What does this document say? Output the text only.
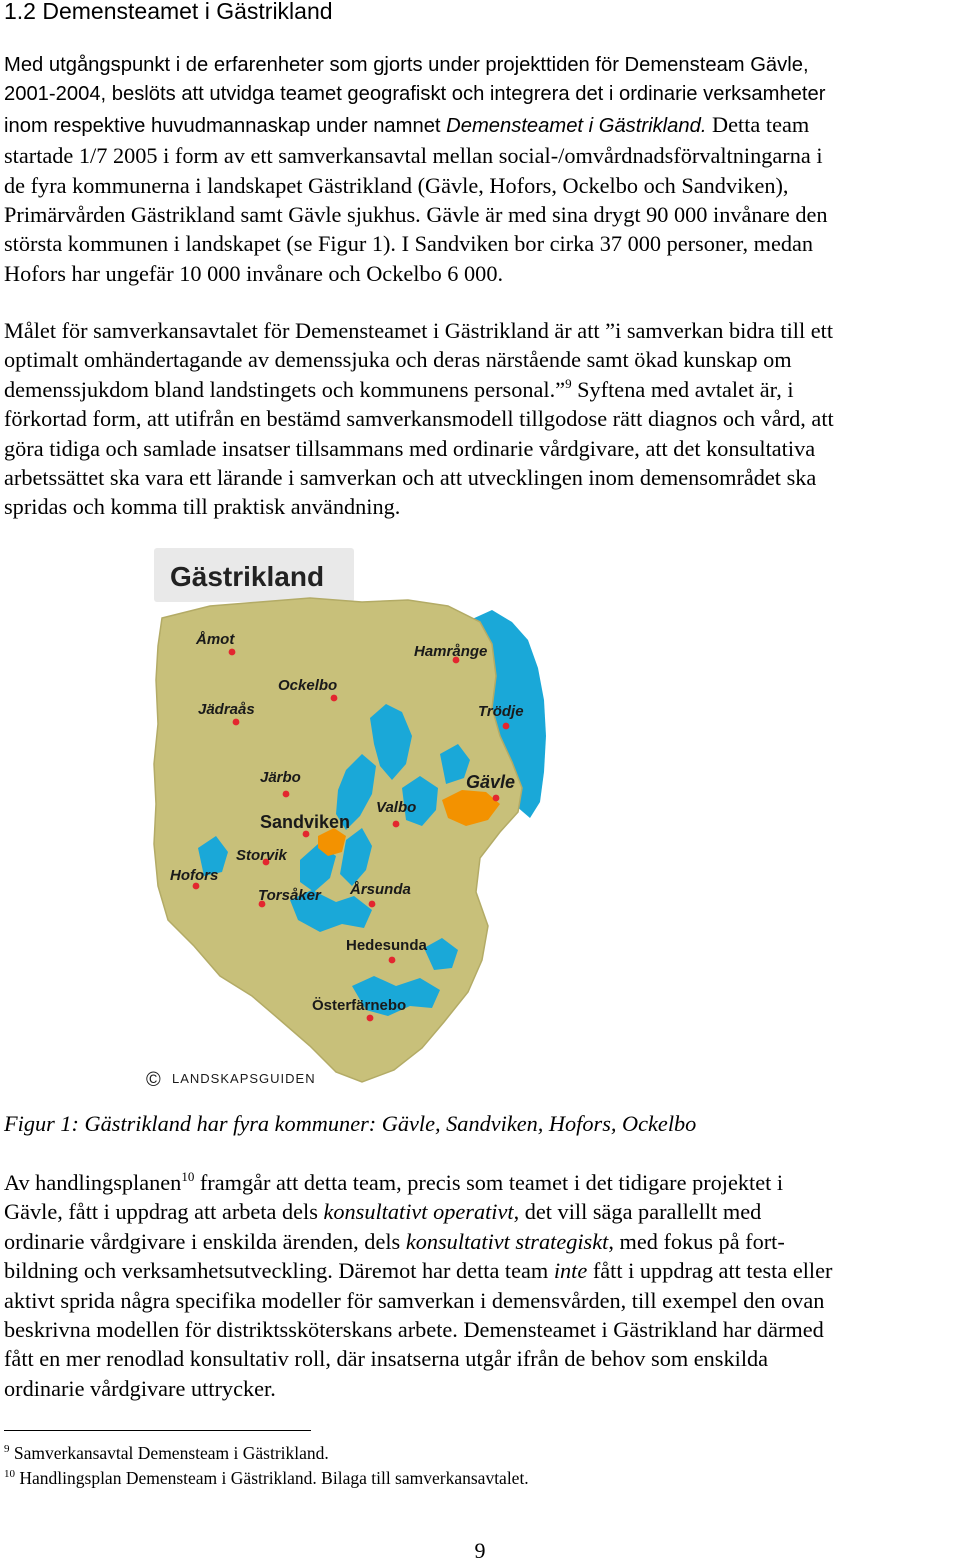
1.2 Demensteamet i Gästrikland

Med utgångspunkt i de erfarenheter som gjorts under projekttiden för Demensteam Gävle,
2001-2004, beslöts att utvidga teamet geografiskt och integrera det i ordinarie verksamheter
inom respektive huvudmannaskap under namnet Demensteamet i Gästrikland. Detta team
startade 1/7 2005 i form av ett samverkansavtal mellan social-/omvårdnadsförvaltningarna i
de fyra kommunerna i landskapet Gästrikland (Gävle, Hofors, Ockelbo och Sandviken),
Primärvården Gästrikland samt Gävle sjukhus. Gävle är med sina drygt 90 000 invånare den
största kommunen i landskapet (se Figur 1). I Sandviken bor cirka 37 000 personer, medan
Hofors har ungefär 10 000 invånare och Ockelbo 6 000.

Målet för samverkansavtalet för Demensteamet i Gästrikland är att ”i samverkan bidra till ett
optimalt omhändertagande av demenssjuka och deras närstående samt ökad kunskap om
demenssjukdom bland landstingets och kommunens personal.”$^9$ Syftena med avtalet är, i
förkortad form, att utifrån en bestämd samverkansmodell tillgodose rätt diagnos och vård, att
göra tidiga och samlade insatser tillsammans med ordinarie vårdgivare, att det konsultativa
arbetssättet ska vara ett lärande i samverkan och att utvecklingen inom demensområdet ska
spridas och komma till praktisk användning.

Gästrikland
Åmot
Hamrånge
Ockelbo
Jädraås	Trödje
Järbo	Gävle
Valbo
Sandviken
Storvik
Hofors
Torsåker Årsunda
Hedesunda
Österfärnebo
© LANDSKAPSGUIDEN

Figur 1: Gästrikland har fyra kommuner: Gävle, Sandviken, Hofors, Ockelbo

Av handlingsplanen$^{10}$ framgår att detta team, precis som teamet i det tidigare projektet i
Gävle, fått i uppdrag att arbeta dels konsultativt operativt, det vill säga parallellt med
ordinarie vårdgivare i enskilda ärenden, dels konsultativt strategiskt, med fokus på fort-
bildning och verksamhetsutveckling. Däremot har detta team inte fått i uppdrag att testa eller
aktivt sprida några specifika modeller för samverkan i demensvården, till exempel den ovan
beskrivna modellen för distriktssköterskans arbete. Demensteamet i Gästrikland har därmed
fått en mer renodlad konsultativ roll, där insatserna utgår ifrån de behov som enskilda
ordinarie vårdgivare uttrycker.

$^9$ Samverkansavtal Demensteam i Gästrikland.

$^{10}$ Handlingsplan Demensteam i Gästrikland. Bilaga till samverkansavtalet.

9
